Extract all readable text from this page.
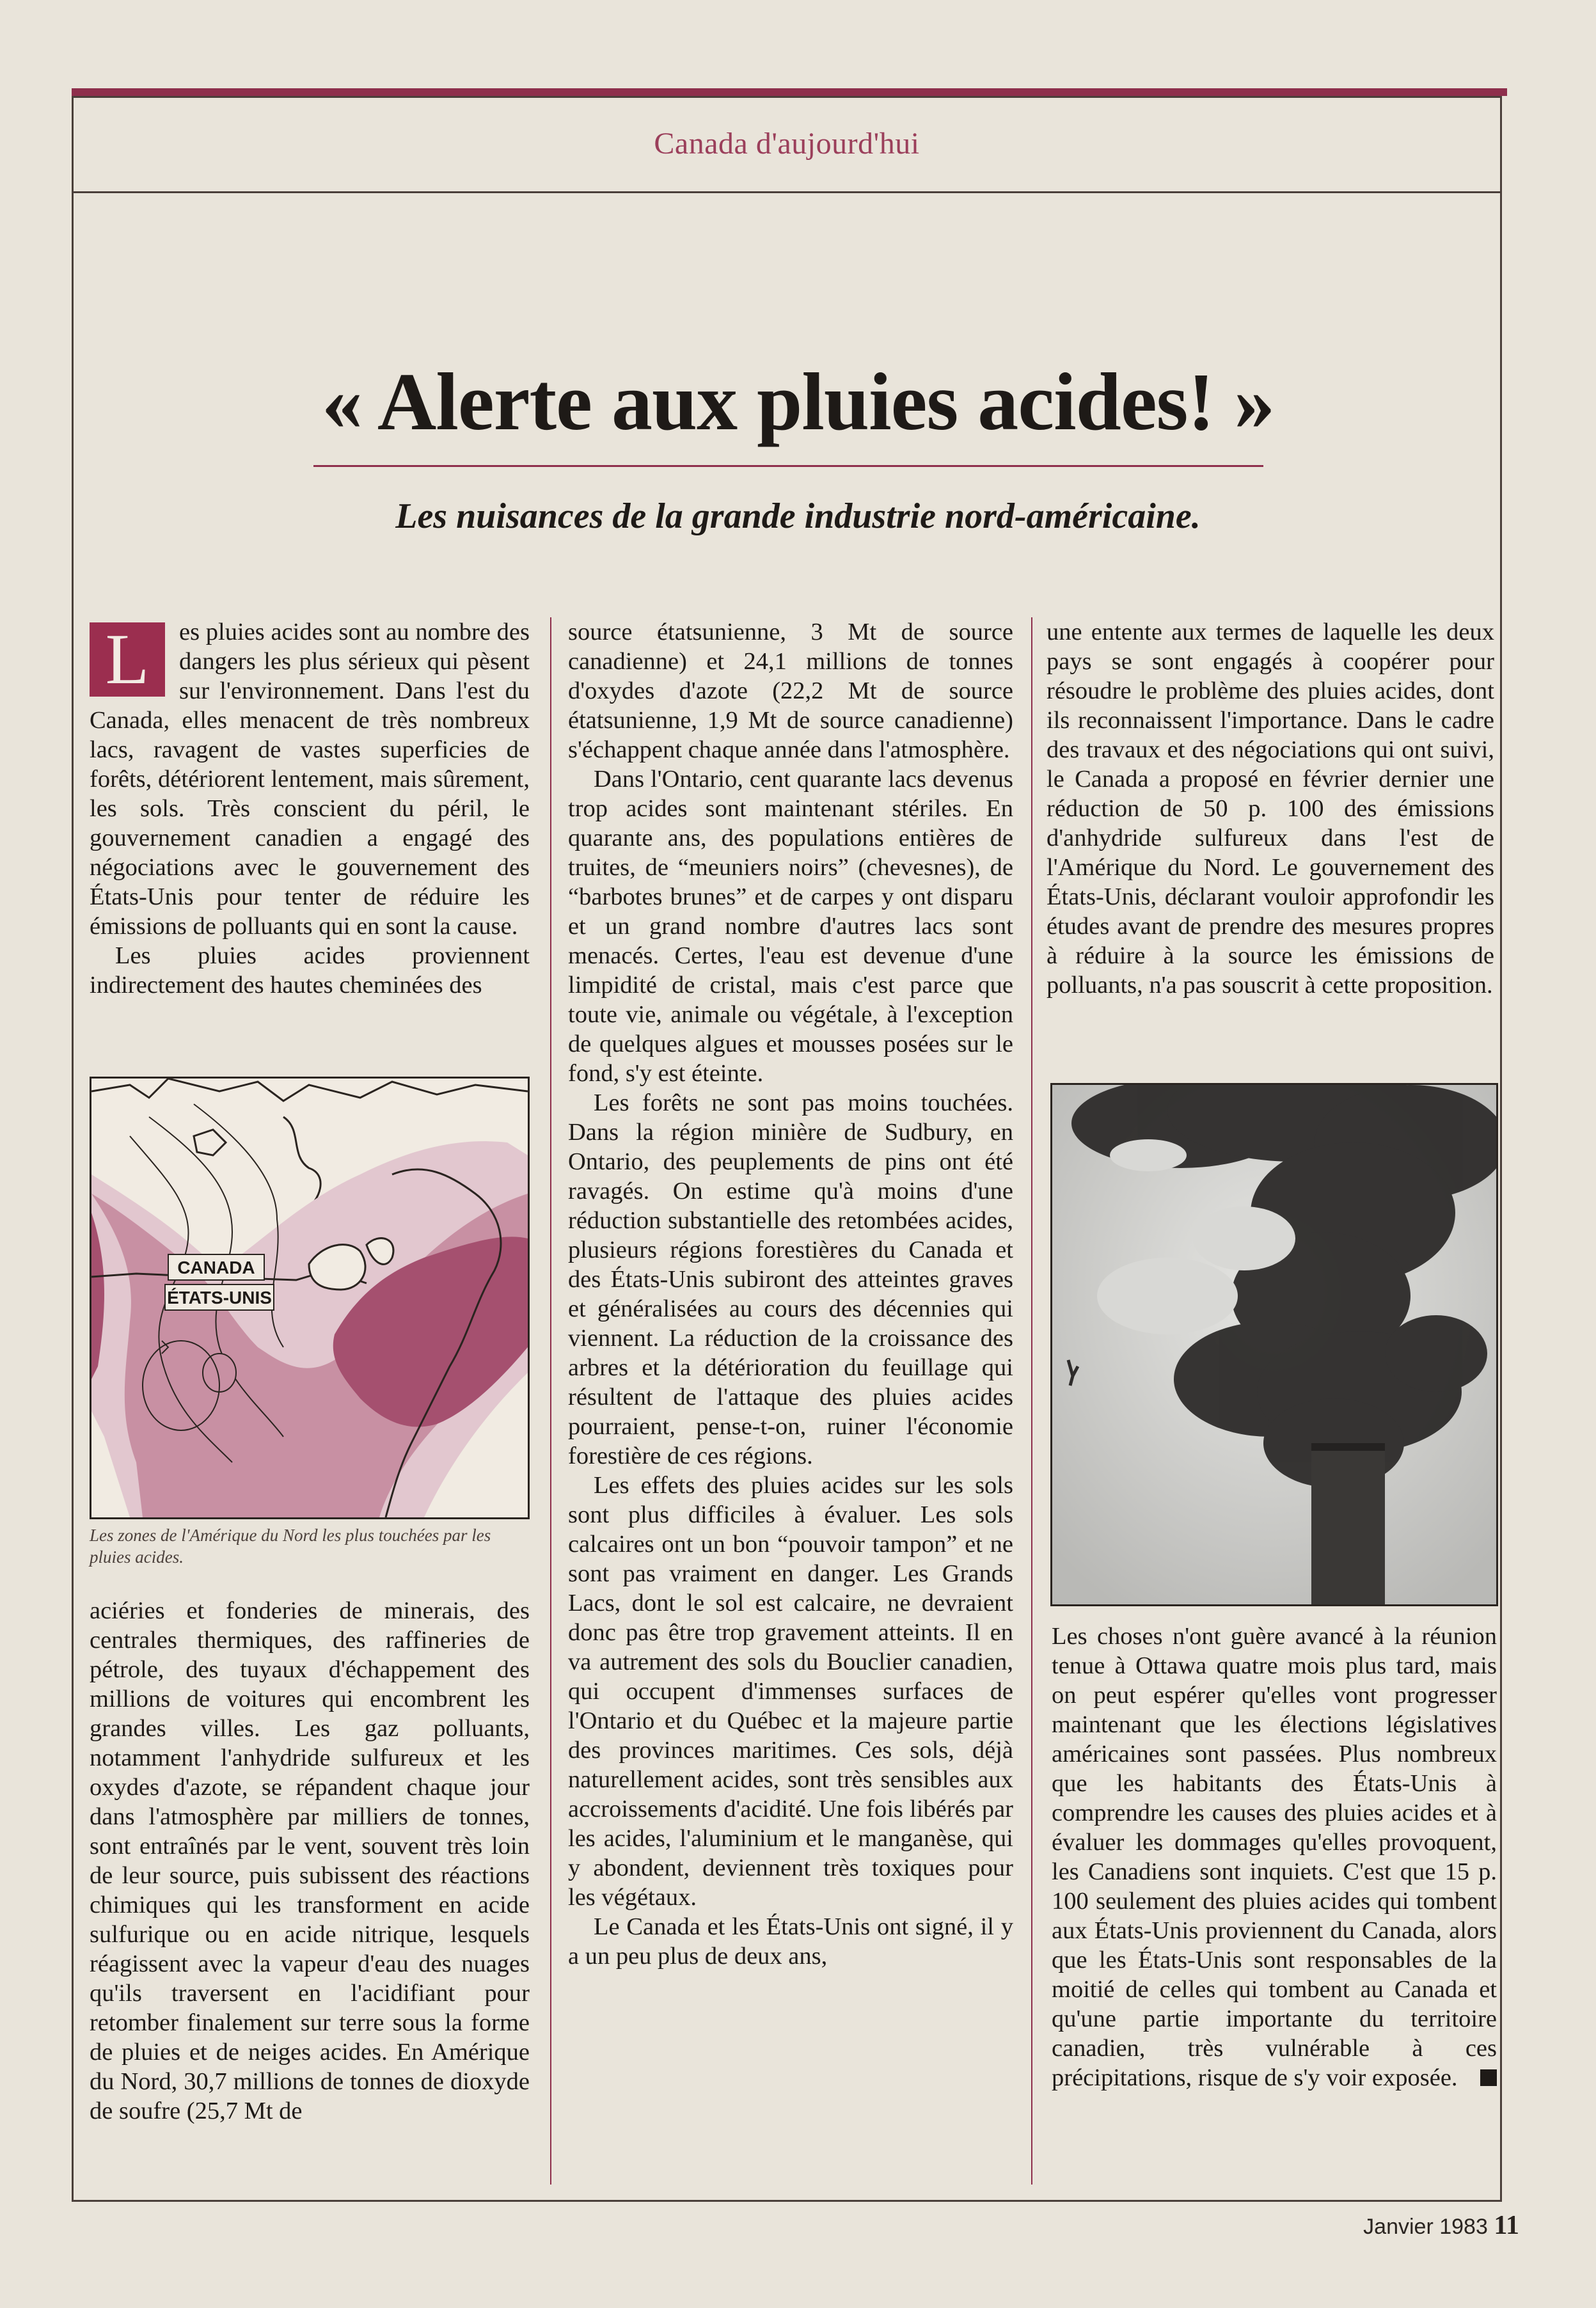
Canada d'aujourd'hui
« Alerte aux pluies acides! »
Les nuisances de la grande industrie nord-américaine.

L	es pluies acides sont au nombre des dangers les plus sérieux qui pèsent sur l'environnement. Dans l'est du Canada, elles menacent de très nombreux lacs, ravagent de vastes superficies de forêts, détériorent lentement, mais sûrement, les sols. Très conscient du péril, le gouvernement canadien a engagé des négociations avec le gouvernement des États-Unis pour tenter de réduire les émissions de polluants qui en sont la cause.

Les pluies acides proviennent indirectement des hautes cheminées des

CANADA
ÉTATS-UNIS
Les zones de l'Amérique du Nord les plus touchées par les pluies acides.

aciéries et fonderies de minerais, des centrales thermiques, des raffineries de pétrole, des tuyaux d'échappement des millions de voitures qui encombrent les grandes villes. Les gaz polluants, notamment l'anhydride sulfureux et les oxydes d'azote, se répandent chaque jour dans l'atmosphère par milliers de tonnes, sont entraînés par le vent, souvent très loin de leur source, puis subissent des réactions chimiques qui les transforment en acide sulfurique ou en acide nitrique, lesquels réagissent avec la vapeur d'eau des nuages qu'ils traversent en l'acidifiant pour retomber finalement sur terre sous la forme de pluies et de neiges acides. En Amérique du Nord, 30,7 millions de tonnes de dioxyde de soufre (25,7 Mt de

source étatsunienne, 3 Mt de source canadienne) et 24,1 millions de tonnes d'oxydes d'azote (22,2 Mt de source étatsunienne, 1,9 Mt de source canadienne) s'échappent chaque année dans l'atmosphère.

Dans l'Ontario, cent quarante lacs devenus trop acides sont maintenant stériles. En quarante ans, des populations entières de truites, de “meuniers noirs” (chevesnes), de “barbotes brunes” et de carpes y ont disparu et un grand nombre d'autres lacs sont menacés. Certes, l'eau est devenue d'une limpidité de cristal, mais c'est parce que toute vie, animale ou végétale, à l'exception de quelques algues et mousses posées sur le fond, s'y est éteinte.

Les forêts ne sont pas moins touchées. Dans la région minière de Sudbury, en Ontario, des peuplements de pins ont été ravagés. On estime qu'à moins d'une réduction substantielle des retombées acides, plusieurs régions forestières du Canada et des États-Unis subiront des atteintes graves et généralisées au cours des décennies qui viennent. La réduction de la croissance des arbres et la détérioration du feuillage qui résultent de l'attaque des pluies acides pourraient, pense-t-on, ruiner l'économie forestière de ces régions.

Les effets des pluies acides sur les sols sont plus difficiles à évaluer. Les sols calcaires ont un bon “pouvoir tampon” et ne sont pas vraiment en danger. Les Grands Lacs, dont le sol est calcaire, ne devraient donc pas être trop gravement atteints. Il en va autrement des sols du Bouclier canadien, qui occupent d'immenses surfaces de l'Ontario et du Québec et la majeure partie des provinces maritimes. Ces sols, déjà naturellement acides, sont très sensibles aux accroissements d'acidité. Une fois libérés par les acides, l'aluminium et le manganèse, qui y abondent, deviennent très toxiques pour les végétaux.

Le Canada et les États-Unis ont signé, il y a un peu plus de deux ans,

une entente aux termes de laquelle les deux pays se sont engagés à coopérer pour résoudre le problème des pluies acides, dont ils reconnaissent l'importance. Dans le cadre des travaux et des négociations qui ont suivi, le Canada a proposé en février dernier une réduction de 50 p. 100 des émissions d'anhydride sulfureux dans l'est de l'Amérique du Nord. Le gouvernement des États-Unis, déclarant vouloir approfondir les études avant de prendre des mesures propres à réduire à la source les émissions de polluants, n'a pas souscrit à cette proposition.

Les choses n'ont guère avancé à la réunion tenue à Ottawa quatre mois plus tard, mais on peut espérer qu'elles vont progresser maintenant que les élections législatives américaines sont passées. Plus nombreux que les habitants des États-Unis à comprendre les causes des pluies acides et à évaluer les dommages qu'elles provoquent, les Canadiens sont inquiets. C'est que 15 p. 100 seulement des pluies acides qui tombent aux États-Unis proviennent du Canada, alors que les États-Unis sont responsables de la moitié de celles qui tombent au Canada et qu'une partie importante du territoire canadien, très vulnérable à ces précipitations, risque de s'y voir exposée.

Janvier 1983 11
